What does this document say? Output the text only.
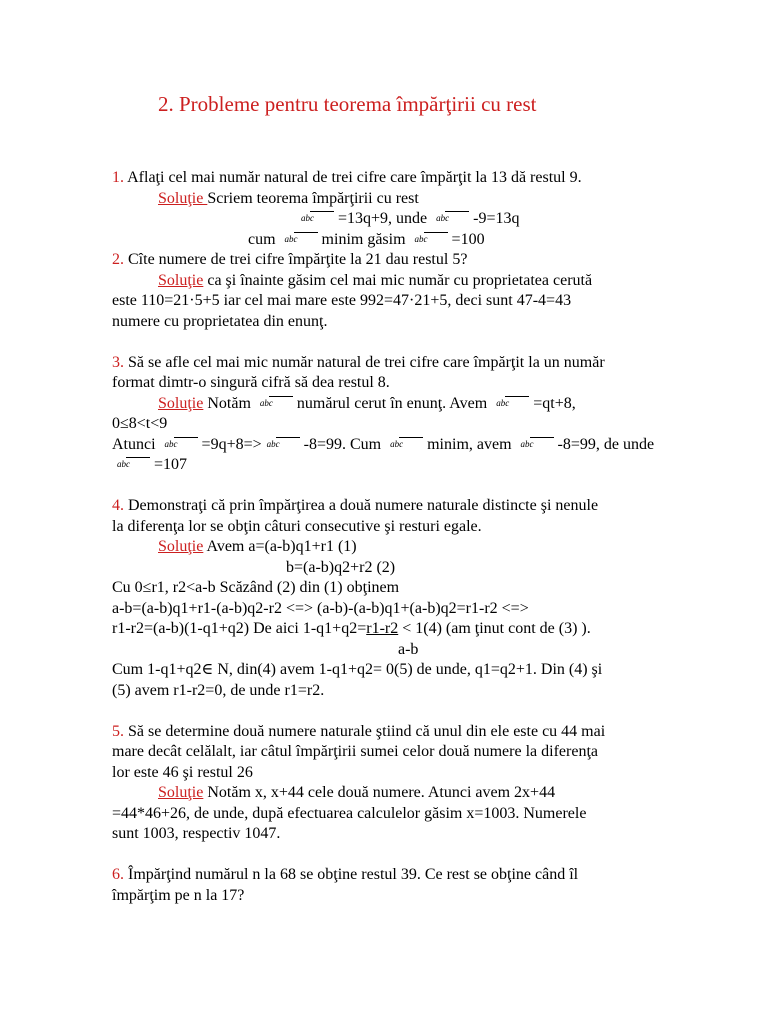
2. Probleme pentru teorema împărţirii cu rest
1. Aflaţi cel mai număr natural de trei cifre care împărţit la 13 dă restul 9.
Soluţie Scriem teorema împărţirii cu rest
abc =13q+9, unde abc -9=13q
cum abc minim găsim abc =100
2. Cîte numere de trei cifre împărţite la 21 dau restul 5?
Soluţie ca şi înainte găsim cel mai mic număr cu proprietatea cerută
este 110=21·5+5 iar cel mai mare este 992=47·21+5, deci sunt 47-4=43
numere cu proprietatea din enunţ.
3. Să se afle cel mai mic număr natural de trei cifre care împărţit la un număr
format dimtr-o singură cifră să dea restul 8.
Soluţie Notăm abc numărul cerut în enunţ. Avem abc =qt+8,
0≤8<t<9
Atunci abc =9q+8=> abc -8=99. Cum abc minim, avem abc -8=99, de unde
abc =107
4. Demonstraţi că prin împărţirea a două numere naturale distincte şi nenule
la diferenţa lor se obţin câturi consecutive şi resturi egale.
Soluţie Avem a=(a-b)q1+r1 (1)
b=(a-b)q2+r2 (2)
Cu 0≤r1, r2<a-b Scăzând (2) din (1) obţinem
a-b=(a-b)q1+r1-(a-b)q2-r2 <=> (a-b)-(a-b)q1+(a-b)q2=r1-r2 <=>
r1-r2=(a-b)(1-q1+q2) De aici 1-q1+q2=r1-r2 < 1(4) (am ţinut cont de (3) ).
a-b
Cum 1-q1+q2∈ N, din(4) avem 1-q1+q2= 0(5) de unde, q1=q2+1. Din (4) şi
(5) avem r1-r2=0, de unde r1=r2.
5. Să se determine două numere naturale ştiind că unul din ele este cu 44 mai
mare decât celălalt, iar câtul împărţirii sumei celor două numere la diferenţa
lor este 46 şi restul 26
Soluţie Notăm x, x+44 cele două numere. Atunci avem 2x+44
=44*46+26, de unde, după efectuarea calculelor găsim x=1003. Numerele
sunt 1003, respectiv 1047.
6. Împărţind numărul n la 68 se obţine restul 39. Ce rest se obţine când îl
împărţim pe n la 17?
